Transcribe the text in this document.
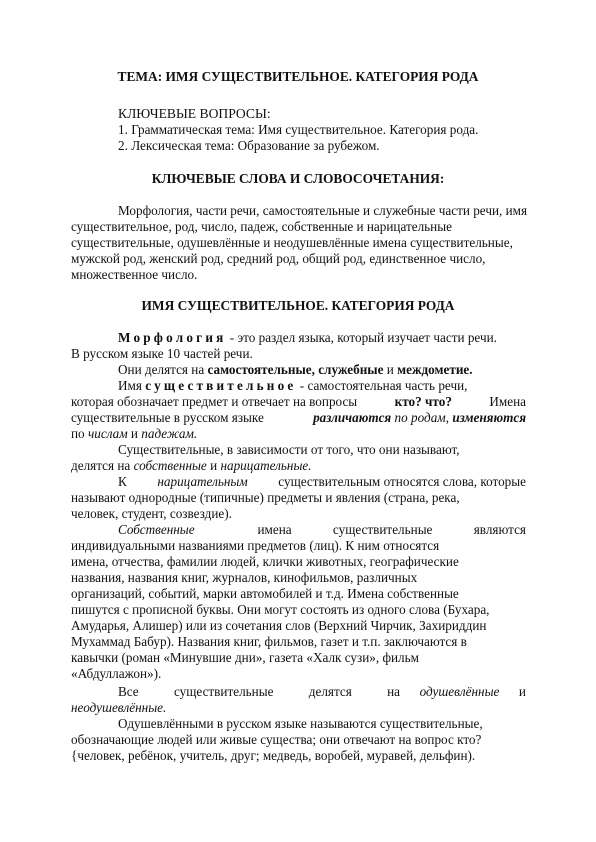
ТЕМА: ИМЯ СУЩЕСТВИТЕЛЬНОЕ. КАТЕГОРИЯ РОДА
КЛЮЧЕВЫЕ ВОПРОСЫ:
1. Грамматическая тема: Имя существительное. Категория рода.
2. Лексическая тема: Образование за рубежом.
КЛЮЧЕВЫЕ СЛОВА И СЛОВОСОЧЕТАНИЯ:
Морфология, части речи, самостоятельные и служебные части речи, имя
существительное, род, число, падеж, собственные и нарицательные
существительные, одушевлённые и неодушевлённые имена существительные,
мужской род, женский род, средний род, общий род, единственное число,
множественное число.
ИМЯ СУЩЕСТВИТЕЛЬНОЕ. КАТЕГОРИЯ РОДА
Морфология - это раздел языка, который изучает части речи.
В русском языке 10 частей речи.
Они делятся на самостоятельные, служебные и междометие.
Имя существительное - самостоятельная часть речи,
которая обозначает предмет и отвечает на вопросы	кто? что?	Имена
существительные в русском языке	различаются по родам, изменяются
по числам и падежам.
Существительные, в зависимости от того, что они называют,
делятся на собственные и нарицательные.
К нарицательным существительным относятся слова, которые
называют однородные (типичные) предметы и явления (страна, река,
человек, студент, созвездие).
Собственные	имена существительные являются
индивидуальными названиями предметов (лиц). К ним относятся
имена, отчества, фамилии людей, клички животных, географические
названия, названия книг, журналов, кинофильмов, различных
организаций, событий, марки автомобилей и т.д. Имена собственные
пишутся с прописной буквы. Они могут состоять из одного слова (Бухара,
Амударья, Алишер) или из сочетания слов (Верхний Чирчик, Захириддин
Мухаммад Бабур). Названия книг, фильмов, газет и т.п. заключаются в
кавычки (роман «Минувшие дни», газета «Халк сузи», фильм
«Абдуллажон»).
Все существительные делятся на одушевлённые и
неодушевлённые.
Одушевлёнными в русском языке называются существительные,
обозначающие людей или живые существа; они отвечают на вопрос кто?
{человек, ребёнок, учитель, друг; медведь, воробей, муравей, дельфин).
